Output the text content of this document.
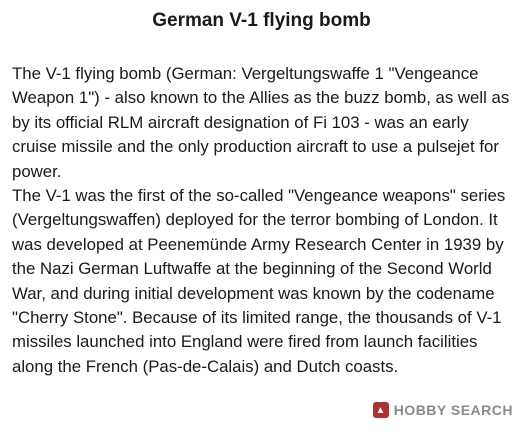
German V-1 flying bomb

The V-1 flying bomb (German: Vergeltungswaffe 1 "Vengeance Weapon 1") - also known to the Allies as the buzz bomb, as well as by its official RLM aircraft designation of Fi 103 - was an early cruise missile and the only production aircraft to use a pulsejet for power.

The V-1 was the first of the so-called "Vengeance weapons" series (Vergeltungswaffen) deployed for the terror bombing of London. It was developed at Peenemünde Army Research Center in 1939 by the Nazi German Luftwaffe at the beginning of the Second World War, and during initial development was known by the codename "Cherry Stone". Because of its limited range, the thousands of V-1 missiles launched into England were fired from launch facilities along the French (Pas-de-Calais) and Dutch coasts.

▲ HOBBY SEARCH
